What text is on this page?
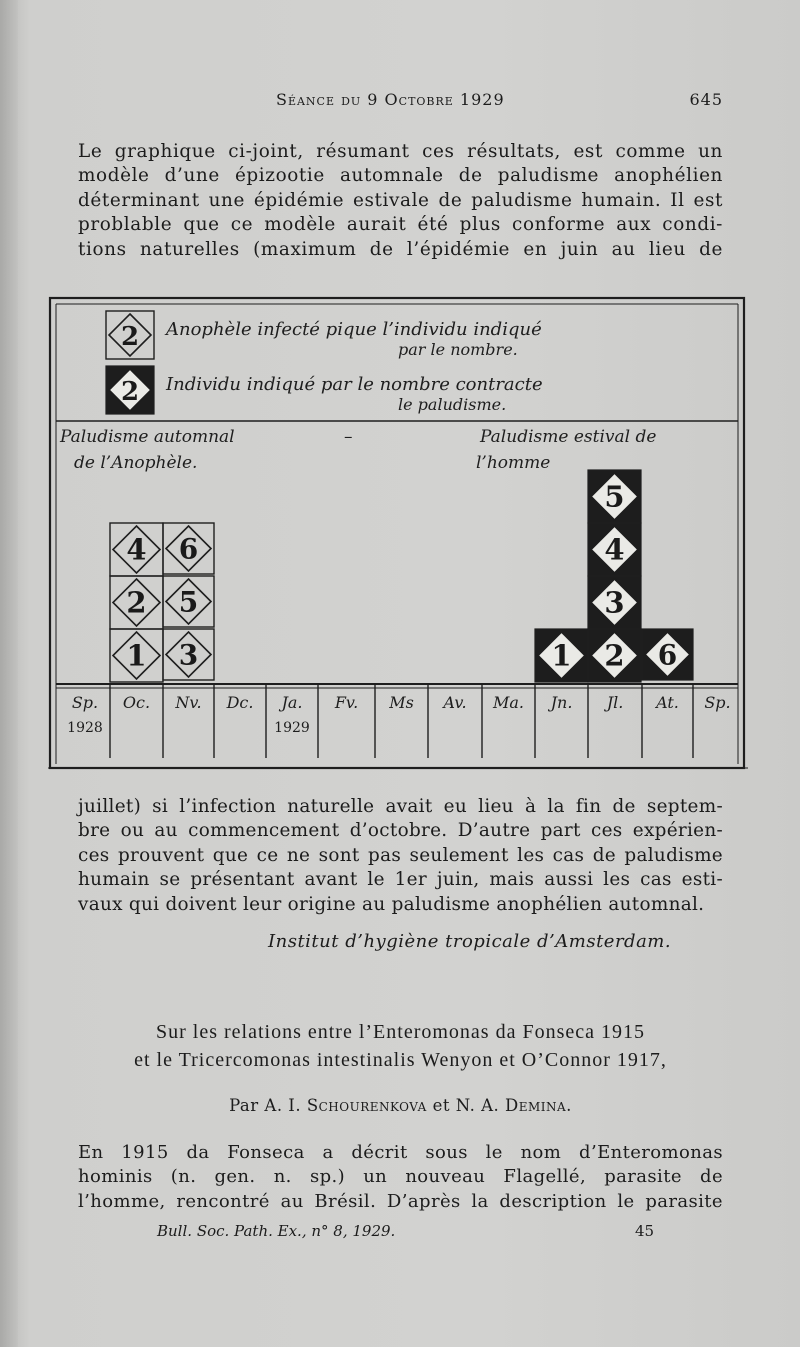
Séance du 9 Octobre 1929	645
Le graphique ci-joint, résumant ces résultats, est comme un
modèle d’une épizootie automnale de paludisme anophélien
déterminant une épidémie estivale de paludisme humain. Il est
problable que ce modèle aurait été plus conforme aux condi-
tions naturelles (maximum de l’épidémie en juin au lieu de
2 Anophèle infecté pique l’individu indiqué
par le nombre.
2 Individu indiqué par le nombre contracte
le paludisme.
Paludisme automnal
de l’Anophèle.
–	Paludisme estival de
l’homme
Sp.
1928
Oc. Nv. Dc. Ja.
1929
Fv. Ms Av. Ma. Jn. Jl. At. Sp.
1
2
4
3
5
6
1 2
3
4
5
6
juillet) si l’infection naturelle avait eu lieu à la fin de septem-
bre ou au commencement d’octobre. D’autre part ces expérien-
ces prouvent que ce ne sont pas seulement les cas de paludisme
humain se présentant avant le 1er juin, mais aussi les cas esti-
vaux qui doivent leur origine au paludisme anophélien automnal.
Institut d’hygiène tropicale d’Amsterdam.
Sur les relations entre l’Enteromonas da Fonseca 1915
et le Tricercomonas intestinalis Wenyon et O’Connor 1917,
Par A. I. Schourenkova et N. A. Demina.
En 1915 da Fonseca a décrit sous le nom d’Enteromonas
hominis (n. gen. n. sp.) un nouveau Flagellé, parasite de
l’homme, rencontré au Brésil. D’après la description le parasite
Bull. Soc. Path. Ex., n° 8, 1929.	45
